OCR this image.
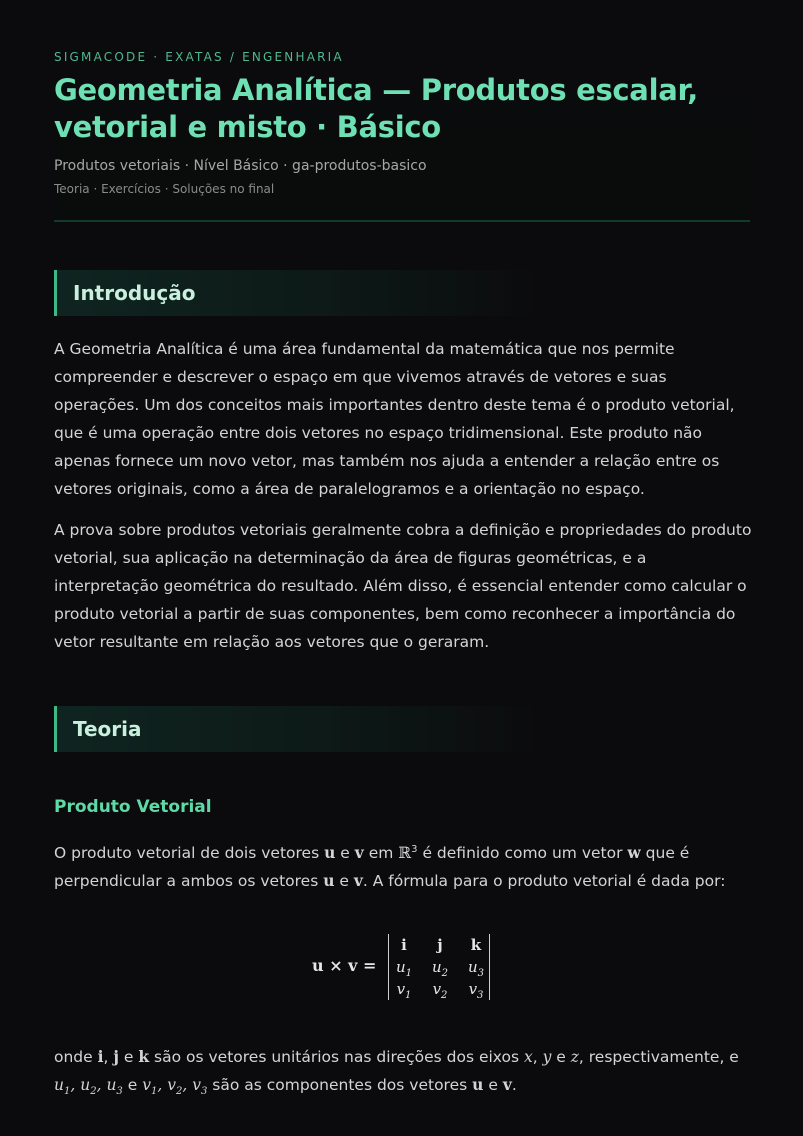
SIGMACODE · EXATAS / ENGENHARIA
Geometria Analítica — Produtos escalar, vetorial e misto · Básico
Produtos vetoriais · Nível Básico · ga-produtos-basico
Teoria · Exercícios · Soluções no final
Introdução
A Geometria Analítica é uma área fundamental da matemática que nos permite compreender e descrever o espaço em que vivemos através de vetores e suas operações. Um dos conceitos mais importantes dentro deste tema é o produto vetorial, que é uma operação entre dois vetores no espaço tridimensional. Este produto não apenas fornece um novo vetor, mas também nos ajuda a entender a relação entre os vetores originais, como a área de paralelogramos e a orientação no espaço.
A prova sobre produtos vetoriais geralmente cobra a definição e propriedades do produto vetorial, sua aplicação na determinação da área de figuras geométricas, e a interpretação geométrica do resultado. Além disso, é essencial entender como calcular o produto vetorial a partir de suas componentes, bem como reconhecer a importância do vetor resultante em relação aos vetores que o geraram.
Teoria
Produto Vetorial
O produto vetorial de dois vetores u e v em ℝ$^3$ é definido como um vetor w que é perpendicular a ambos os vetores u e v. A fórmula para o produto vetorial é dada por:
u × v =
i	j	k
$u_1$	$u_2$	$u_3$
$v_1$	$v_2$	$v_3$
onde i, j e k são os vetores unitários nas direções dos eixos x, y e z, respectivamente, e
$u_1$, $u_2$, $u_3$ e $v_1$, $v_2$, $v_3$ são as componentes dos vetores u e v.
